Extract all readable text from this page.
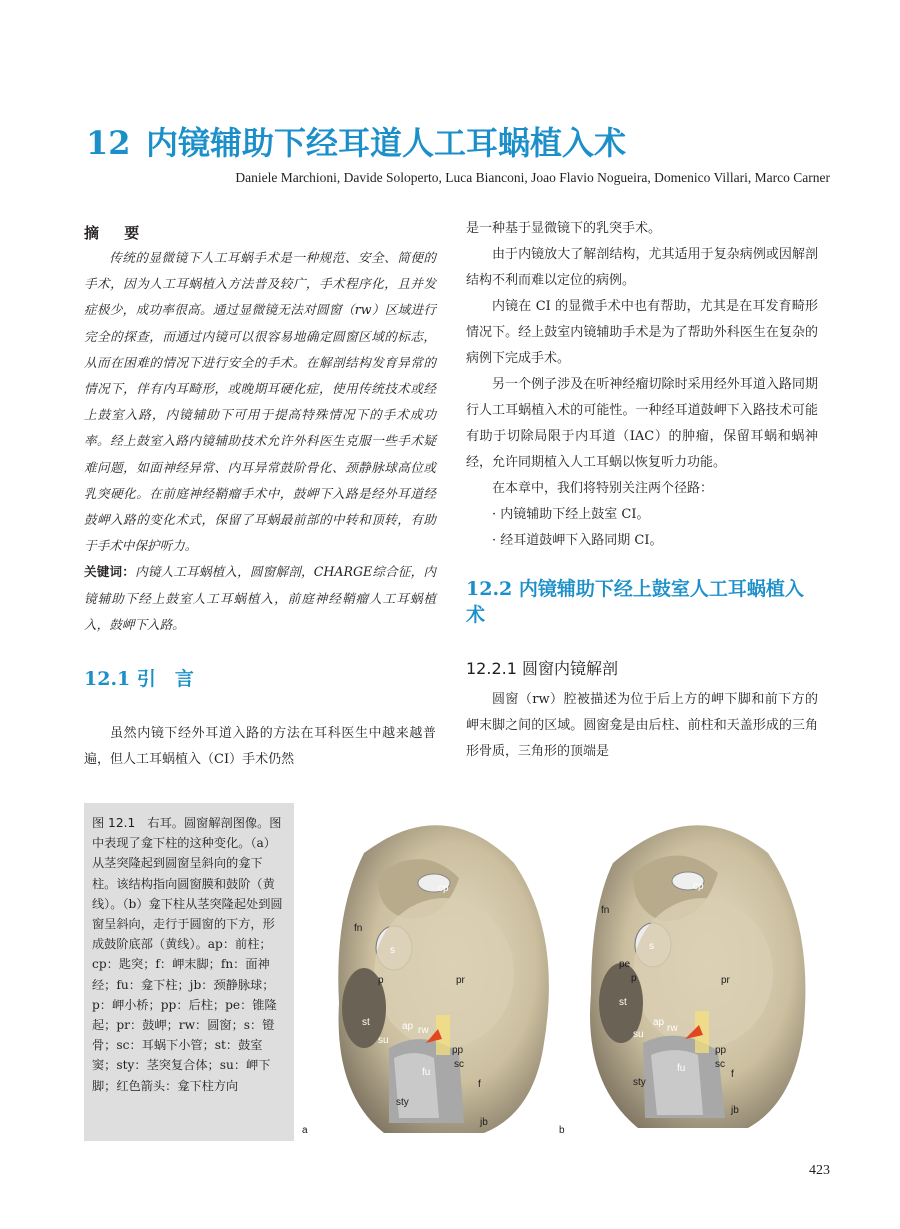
12 内镜辅助下经耳道人工耳蜗植入术
Daniele Marchioni, Davide Soloperto, Luca Bianconi, Joao Flavio Nogueira, Domenico Villari, Marco Carner
摘 要

传统的显微镜下人工耳蜗手术是一种规范、安全、简便的手术，因为人工耳蜗植入方法普及较广，手术程序化，且并发症极少，成功率很高。通过显微镜无法对圆窗（rw）区域进行完全的探查，而通过内镜可以很容易地确定圆窗区域的标志，从而在困难的情况下进行安全的手术。在解剖结构发育异常的情况下，伴有内耳畸形，或晚期耳硬化症，使用传统技术或经上鼓室入路，内镜辅助下可用于提高特殊情况下的手术成功率。经上鼓室入路内镜辅助技术允许外科医生克服一些手术疑难问题，如面神经异常、内耳异常鼓阶骨化、颈静脉球高位或乳突硬化。在前庭神经鞘瘤手术中，鼓岬下入路是经外耳道经鼓岬入路的变化术式，保留了耳蜗最前部的中转和顶转，有助于手术中保护听力。

关键词：内镜人工耳蜗植入，圆窗解剖，CHARGE综合征，内镜辅助下经上鼓室人工耳蜗植入，前庭神经鞘瘤人工耳蜗植入，鼓岬下入路。

12.1 引　言

虽然内镜下经外耳道入路的方法在耳科医生中越来越普遍，但人工耳蜗植入（CI）手术仍然

是一种基于显微镜下的乳突手术。

由于内镜放大了解剖结构，尤其适用于复杂病例或因解剖结构不利而难以定位的病例。

内镜在 CI 的显微手术中也有帮助，尤其是在耳发育畸形情况下。经上鼓室内镜辅助手术是为了帮助外科医生在复杂的病例下完成手术。

另一个例子涉及在听神经瘤切除时采用经外耳道入路同期行人工耳蜗植入术的可能性。一种经耳道鼓岬下入路技术可能有助于切除局限于内耳道（IAC）的肿瘤，保留耳蜗和蜗神经，允许同期植入人工耳蜗以恢复听力功能。

在本章中，我们将特别关注两个径路：

· 内镜辅助下经上鼓室 CI。

· 经耳道鼓岬下入路同期 CI。

12.2 内镜辅助下经上鼓室人工耳蜗植入术
12.2.1 圆窗内镜解剖

圆窗（rw）腔被描述为位于后上方的岬下脚和前下方的岬末脚之间的区域。圆窗龛是由后柱、前柱和天盖形成的三角形骨质，三角形的顶端是

图 12.1　 右耳。圆窗解剖图像。图中表现了龛下柱的这种变化。（a）从茎突隆起到圆窗呈斜向的龛下柱。该结构指向圆窗膜和鼓阶（黄线）。（b）龛下柱从茎突隆起处到圆窗呈斜向，走行于圆窗的下方，形成鼓阶底部（黄线）。ap：前柱；cp：匙突；f：岬末脚；fn：面神经；fu：龛下柱；jb：颈静脉球；p：岬小桥；pp：后柱；pe：锥隆起；pr：鼓岬；rw：圆窗；s：镫骨；sc：耳蜗下小管；st：鼓室窦；sty：茎突复合体；su：岬下脚；红色箭头：龛下柱方向
cp
fn
s
p	pr
st	ap rw
su
pp
sc
fu
f
sty
jb
a
cp
fn
s
pe
p	pr
st
ap
rw
su
pp
sc
fu
f
sty
jb
b
423
